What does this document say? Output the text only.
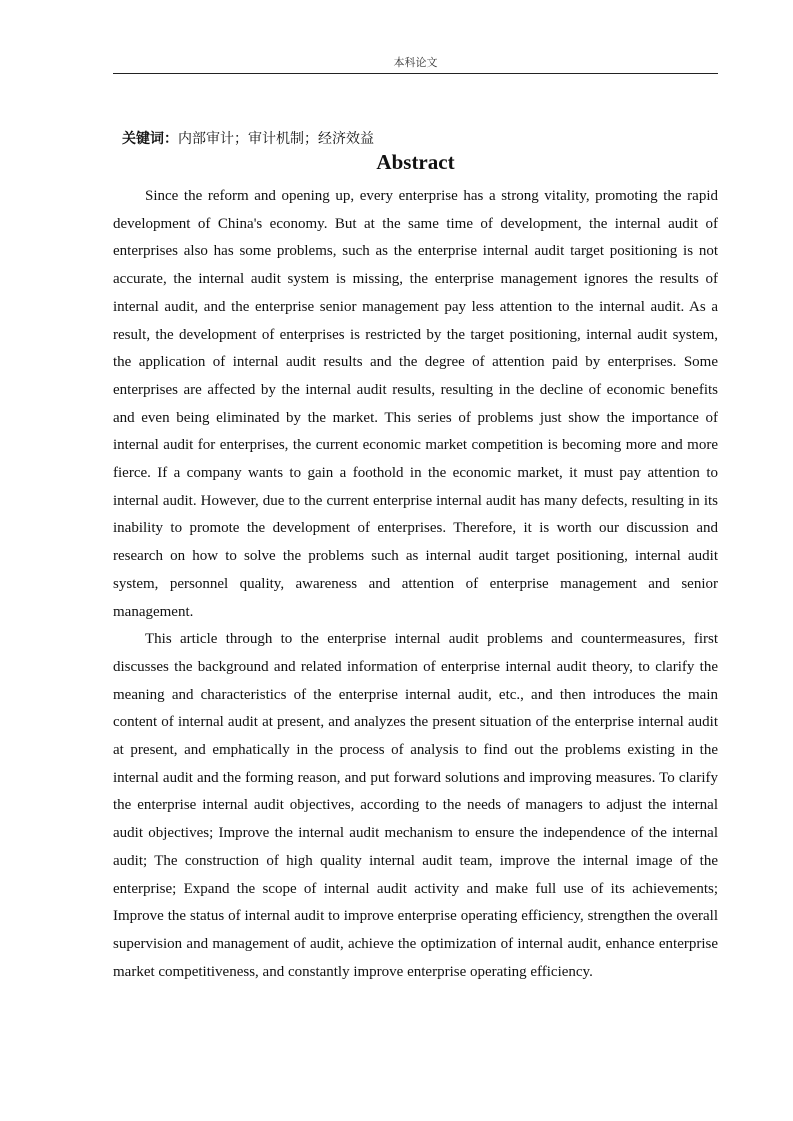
本科论文
关键词：内部审计；审计机制；经济效益
Abstract

Since the reform and opening up, every enterprise has a strong vitality, promoting the rapid development of China's economy. But at the same time of development, the internal audit of enterprises also has some problems, such as the enterprise internal audit target positioning is not accurate, the internal audit system is missing, the enterprise management ignores the results of internal audit, and the enterprise senior management pay less attention to the internal audit. As a result, the development of enterprises is restricted by the target positioning, internal audit system, the application of internal audit results and the degree of attention paid by enterprises. Some enterprises are affected by the internal audit results, resulting in the decline of economic benefits and even being eliminated by the market. This series of problems just show the importance of internal audit for enterprises, the current economic market competition is becoming more and more fierce. If a company wants to gain a foothold in the economic market, it must pay attention to internal audit. However, due to the current enterprise internal audit has many defects, resulting in its inability to promote the development of enterprises. Therefore, it is worth our discussion and research on how to solve the problems such as internal audit target positioning, internal audit system, personnel quality, awareness and attention of enterprise management and senior management.

This article through to the enterprise internal audit problems and countermeasures, first discusses the background and related information of enterprise internal audit theory, to clarify the meaning and characteristics of the enterprise internal audit, etc., and then introduces the main content of internal audit at present, and analyzes the present situation of the enterprise internal audit at present, and emphatically in the process of analysis to find out the problems existing in the internal audit and the forming reason, and put forward solutions and improving measures. To clarify the enterprise internal audit objectives, according to the needs of managers to adjust the internal audit objectives; Improve the internal audit mechanism to ensure the independence of the internal audit; The construction of high quality internal audit team, improve the internal image of the enterprise; Expand the scope of internal audit activity and make full use of its achievements; Improve the status of internal audit to improve enterprise operating efficiency, strengthen the overall supervision and management of audit, achieve the optimization of internal audit, enhance enterprise market competitiveness, and constantly improve enterprise operating efficiency.
